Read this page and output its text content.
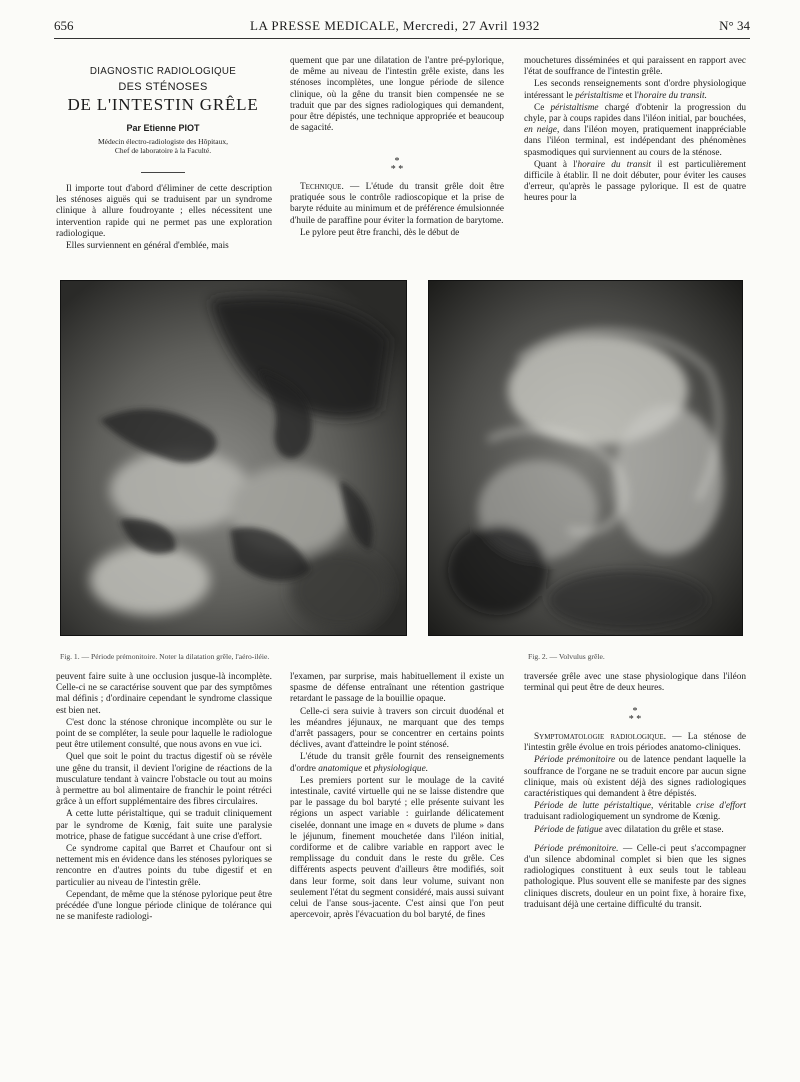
656	LA PRESSE MEDICALE, Mercredi, 27 Avril 1932	N° 34
DIAGNOSTIC RADIOLOGIQUE
DES STÉNOSES
DE L'INTESTIN GRÊLE
Par Etienne PIOT
Médecin électro-radiologiste des Hôpitaux,
Chef de laboratoire à la Faculté.

Il importe tout d'abord d'éliminer de cette description les sténoses aiguës qui se traduisent par un syndrome clinique à allure foudroyante ; elles nécessitent une intervention rapide qui ne permet pas une exploration radiologique.

Elles surviennent en général d'emblée, mais

quement que par une dilatation de l'antre pré-pylorique, de même au niveau de l'intestin grêle existe, dans les sténoses incomplètes, une longue période de silence clinique, où la gêne du transit bien compensée ne se traduit que par des signes radiologiques qui demandent, pour être dépistés, une technique appropriée et beaucoup de sagacité.

*
* *

Technique. — L'étude du transit grêle doit être pratiquée sous le contrôle radioscopique et la prise de baryte réduite au minimum et de préférence émulsionnée d'huile de paraffine pour éviter la formation de barytome.

Le pylore peut être franchi, dès le début de

mouchetures disséminées et qui paraissent en rapport avec l'état de souffrance de l'intestin grêle.

Les seconds renseignements sont d'ordre physiologique intéressant le péristaltisme et l'horaire du transit.

Ce péristaltisme chargé d'obtenir la progression du chyle, par à coups rapides dans l'iléon initial, par bouchées, en neige, dans l'iléon moyen, pratiquement inappréciable dans l'iléon terminal, est indépendant des phénomènes spasmodiques qui surviennent au cours de la sténose.

Quant à l'horaire du transit il est particulièrement difficile à établir. Il ne doit débuter, pour éviter les causes d'erreur, qu'après le passage pylorique. Il est de quatre heures pour la

Fig. 1. — Période prémonitoire. Noter la dilatation grêle, l'aéro-iléie.	Fig. 2. — Volvulus grêle.

peuvent faire suite à une occlusion jusque-là incomplète. Celle-ci ne se caractérise souvent que par des symptômes mal définis ; d'ordinaire cependant le syndrome classique est bien net.

C'est donc la sténose chronique incomplète ou sur le point de se compléter, la seule pour laquelle le radiologue peut être utilement consulté, que nous avons en vue ici.

Quel que soit le point du tractus digestif où se révèle une gêne du transit, il devient l'origine de réactions de la musculature tendant à vaincre l'obstacle ou tout au moins à permettre au bol alimentaire de franchir le point rétréci grâce à un effort supplémentaire des fibres circulaires.

A cette lutte péristaltique, qui se traduit cliniquement par le syndrome de Kœnig, fait suite une paralysie motrice, phase de fatigue succédant à une crise d'effort.

Ce syndrome capital que Barret et Chaufour ont si nettement mis en évidence dans les sténoses pyloriques se rencontre en d'autres points du tube digestif et en particulier au niveau de l'intestin grêle.

Cependant, de même que la sténose pylorique peut être précédée d'une longue période clinique de tolérance qui ne se manifeste radiologi-

l'examen, par surprise, mais habituellement il existe un spasme de défense entraînant une rétention gastrique retardant le passage de la bouillie opaque.

Celle-ci sera suivie à travers son circuit duodénal et les méandres jéjunaux, ne marquant que des temps d'arrêt passagers, pour se concentrer en certains points déclives, avant d'atteindre le point sténosé.

L'étude du transit grêle fournit des renseignements d'ordre anatomique et physiologique.

Les premiers portent sur le moulage de la cavité intestinale, cavité virtuelle qui ne se laisse distendre que par le passage du bol baryté ; elle présente suivant les régions un aspect variable : guirlande délicatement ciselée, donnant une image en « duvets de plume » dans le jéjunum, finement mouchetée dans l'iléon initial, cordiforme et de calibre variable en rapport avec le remplissage du conduit dans le reste du grêle. Ces différents aspects peuvent d'ailleurs être modifiés, soit dans leur forme, soit dans leur volume, suivant non seulement l'état du segment considéré, mais aussi suivant celui de l'anse sous-jacente. C'est ainsi que l'on peut apercevoir, après l'évacuation du bol baryté, de fines

traversée grêle avec une stase physiologique dans l'iléon terminal qui peut être de deux heures.

*
* *

Symptomatologie radiologique. — La sténose de l'intestin grêle évolue en trois périodes anatomo-cliniques.

Période prémonitoire ou de latence pendant laquelle la souffrance de l'organe ne se traduit encore par aucun signe clinique, mais où existent déjà des signes radiologiques caractéristiques qui demandent à être dépistés.

Période de lutte péristaltique, véritable crise d'effort traduisant radiologiquement un syndrome de Kœnig.

Période de fatigue avec dilatation du grêle et stase.

Période prémonitoire. — Celle-ci peut s'accompagner d'un silence abdominal complet si bien que les signes radiologiques constituent à eux seuls tout le tableau pathologique. Plus souvent elle se manifeste par des signes cliniques discrets, douleur en un point fixe, à horaire fixe, traduisant déjà une certaine difficulté du transit.
